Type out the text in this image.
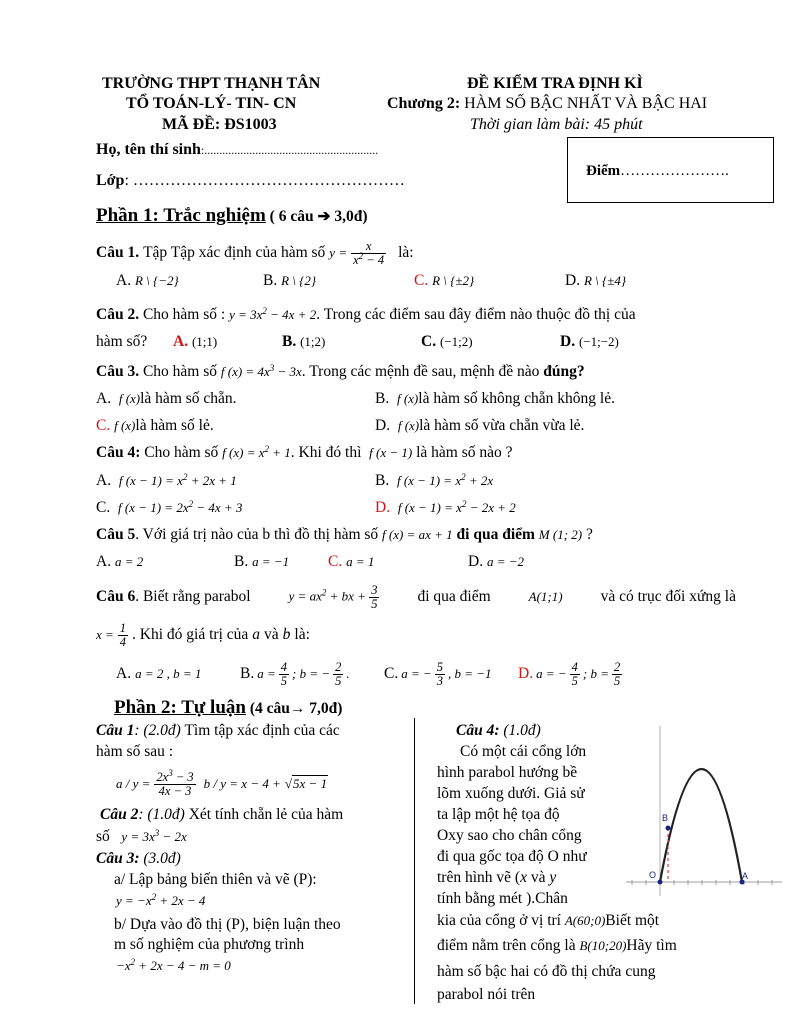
TRƯỜNG THPT THẠNH TÂN
TỔ TOÁN-LÝ- TIN- CN
MÃ ĐỀ: ĐS1003
ĐỀ KIỂM TRA ĐỊNH KÌ
Chương 2: HÀM SỐ BẬC NHẤT VÀ BẬC HAI
Thời gian làm bài: 45 phút
Họ, tên thí sinh:..........................................................
Lớp: ……………………………………………
Điểm………………….
Phần 1: Trắc nghiệm ( 6 câu ➔ 3,0đ)
Câu 1. Tập Tập xác định của hàm số $y = \frac{x}{x^2 - 4}$ là:
A. R \ {−2}	B. R \ {2}	C. R \ {±2}	D. R \ {±4}
Câu 2. Cho hàm số : $y = 3x^2 - 4x + 2$. Trong các điểm sau đây điểm nào thuộc đồ thị của
hàm số? A. (1;1)	B. (1;2)	C. (−1;2)	D. (−1;−2)
Câu 3. Cho hàm số f $(x) = 4x^3 - 3x$. Trong các mệnh đề sau, mệnh đề nào đúng?
A. f (x)là hàm số chẵn.	B. f (x)là hàm số không chẵn không lẻ.
C. f (x)là hàm số lẻ.	D. f (x)là hàm số vừa chẵn vừa lẻ.
Câu 4: Cho hàm số f $(x) = x^2 + 1$. Khi đó thì f (x − 1) là hàm số nào ?
A. f $(x - 1) = x^2 + 2x + 1$	B. f $(x - 1) = x^2 + 2x$
C. f $(x - 1) = 2x^2 - 4x + 3$	D. f $(x - 1) = x^2 - 2x + 2$
Câu 5. Với giá trị nào của b thì đồ thị hàm số f (x) = ax + 1 đi qua điểm M (1; 2) ?
A. a = 2	B. a = −1	C. a = 1	D. a = −2
Câu 6. Biết rằng parabol	$y = ax^2$ + bx + $\frac{3}{5}$ đi qua điểm	A(1;1) và có trục đối xứng là
$x = \frac{1}{4}$ . Khi đó giá trị của a và b là:
A. a = 2 , b = 1 B. $a = \frac{4}{5}$ ; b = − $\frac{2}{5}$ . C. a = − $\frac{5}{3}$ , b = −1 D. a = − $\frac{4}{5}$ ; $b = \frac{2}{5}$
Phần 2: Tự luận (4 câu→ 7,0đ)
Câu 1: (2.0đ) Tìm tập xác định của các
hàm số sau :
$a / y = \frac{2x^3 - 3}{4x - 3}$ b / y = x − 4 + √5x − 1
Câu 2: (1.0đ) Xét tính chẵn lẻ của hàm
số $y = 3x^3 - 2x$
Câu 3: (3.0đ)
a/ Lập bảng biến thiên và vẽ (P):
$y = -x^2 + 2x - 4$
b/ Dựa vào đồ thị (P), biện luận theo
m số nghiệm của phương trình
$-x^2 + 2x - 4 - m = 0$
Câu 4: (1.0đ)
Có một cái cổng lớn
hình parabol hướng bề
lõm xuống dưới. Giả sử
ta lập một hệ tọa độ
Oxy sao cho chân cổng
đi qua gốc tọa độ O như
trên hình vẽ (x và y
tính bằng mét ).Chân
kia của cổng ở vị trí A(60;0)Biết một
điểm nằm trên cổng là B(10;20)Hãy tìm
hàm số bậc hai có đồ thị chứa cung
parabol nói trên
O	A
B
